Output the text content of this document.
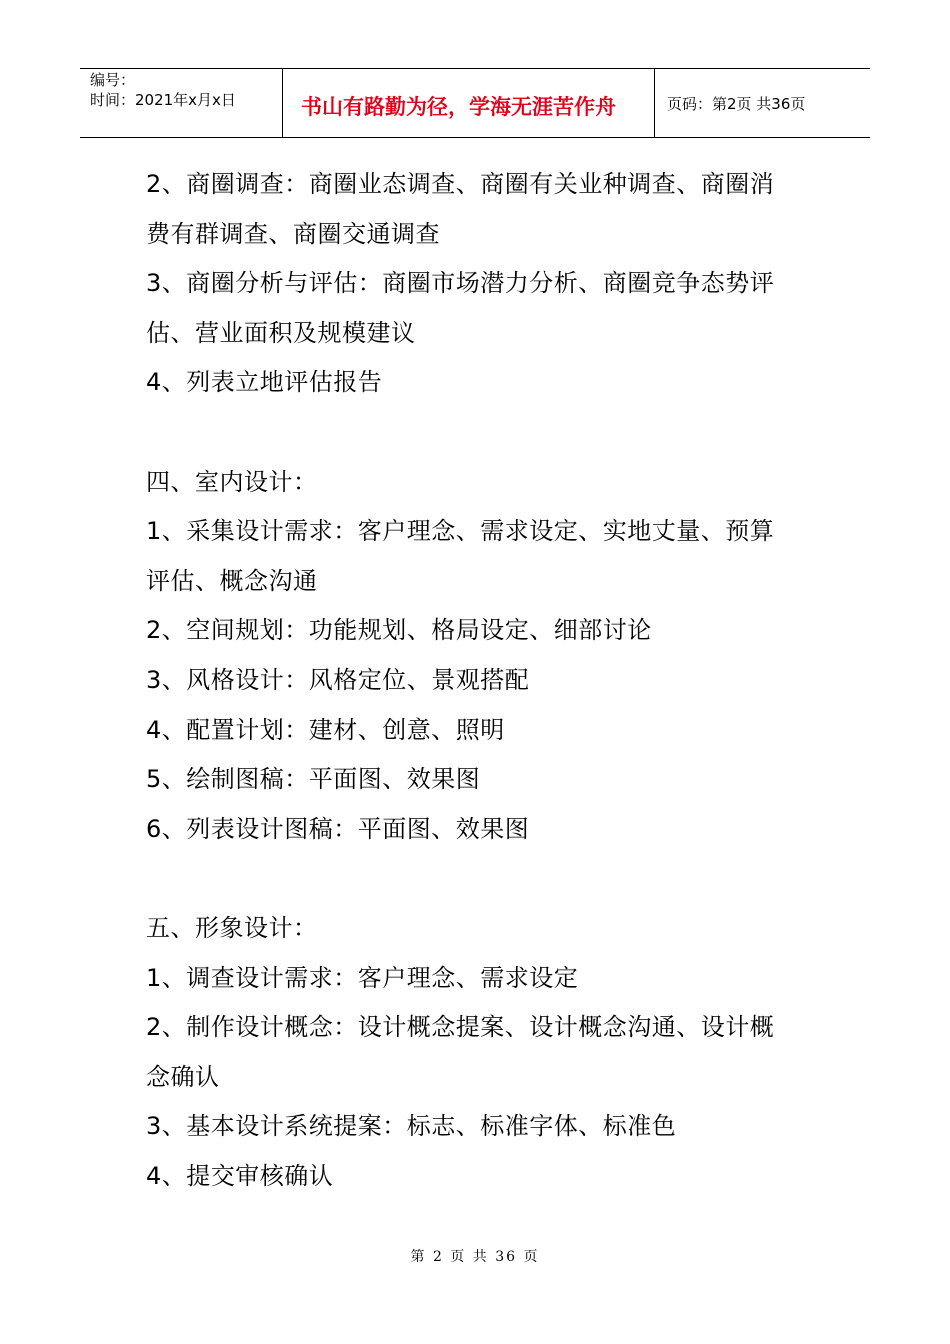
编号：
时间：2021年x月x日	书山有路勤为径，学海无涯苦作舟	页码：第2页 共36页
2、商圈调查：商圈业态调查、商圈有关业种调查、商圈消
费有群调查、商圈交通调查
3、商圈分析与评估：商圈市场潜力分析、商圈竞争态势评
估、营业面积及规模建议
4、列表立地评估报告
四、室内设计：
1、采集设计需求：客户理念、需求设定、实地丈量、预算
评估、概念沟通
2、空间规划：功能规划、格局设定、细部讨论
3、风格设计：风格定位、景观搭配
4、配置计划：建材、创意、照明
5、绘制图稿：平面图、效果图
6、列表设计图稿：平面图、效果图
五、形象设计：
1、调查设计需求：客户理念、需求设定
2、制作设计概念：设计概念提案、设计概念沟通、设计概
念确认
3、基本设计系统提案：标志、标准字体、标准色
4、提交审核确认
第 2 页 共 36 页
